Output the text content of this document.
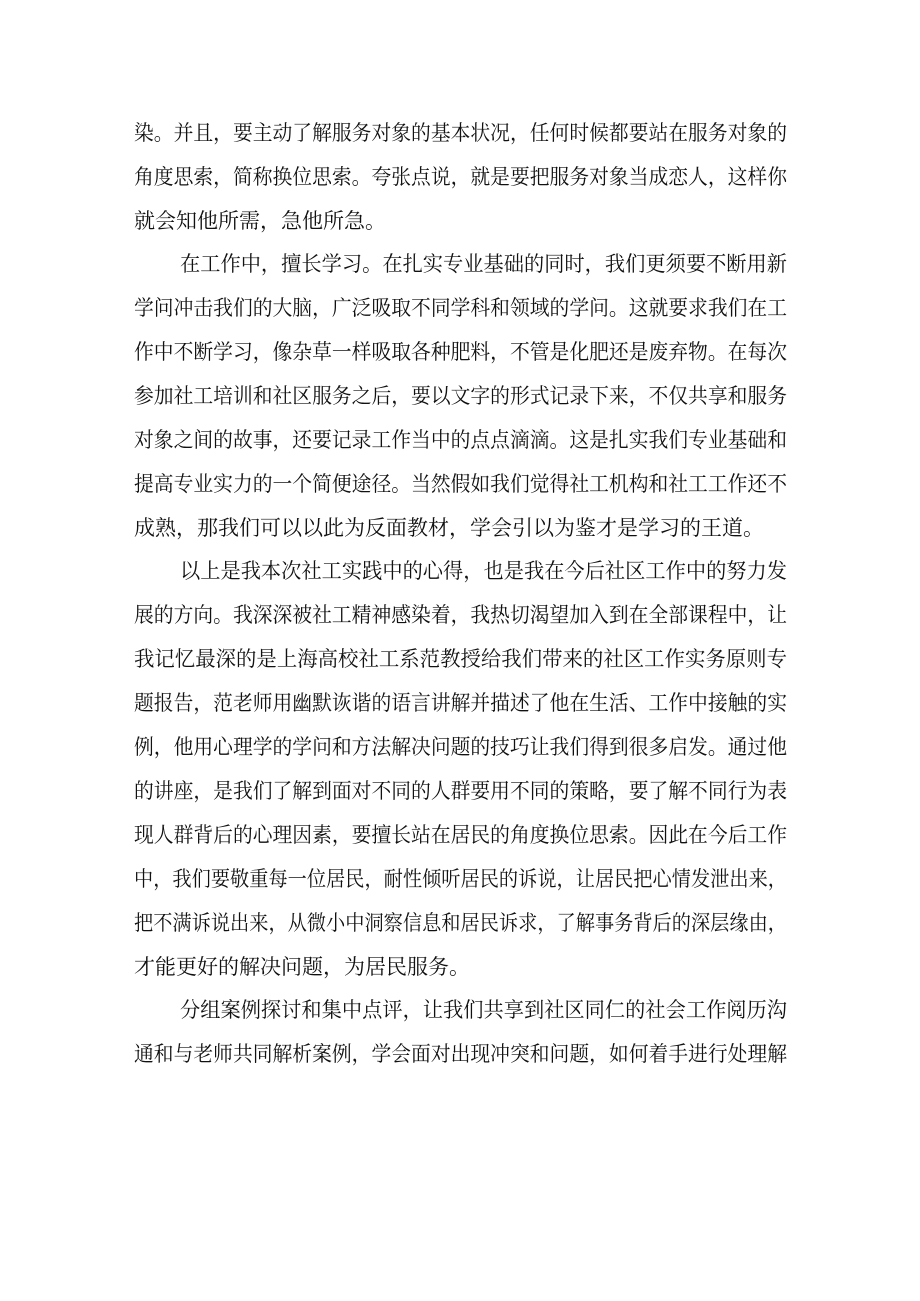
染。并且，要主动了解服务对象的基本状况，任何时候都要站在服务对象的
角度思索，简称换位思索。夸张点说，就是要把服务对象当成恋人，这样你
就会知他所需，急他所急。
在工作中，擅长学习。在扎实专业基础的同时，我们更须要不断用新
学问冲击我们的大脑，广泛吸取不同学科和领域的学问。这就要求我们在工
作中不断学习，像杂草一样吸取各种肥料，不管是化肥还是废弃物。在每次
参加社工培训和社区服务之后，要以文字的形式记录下来，不仅共享和服务
对象之间的故事，还要记录工作当中的点点滴滴。这是扎实我们专业基础和
提高专业实力的一个简便途径。当然假如我们觉得社工机构和社工工作还不
成熟，那我们可以以此为反面教材，学会引以为鉴才是学习的王道。
以上是我本次社工实践中的心得，也是我在今后社区工作中的努力发
展的方向。我深深被社工精神感染着，我热切渴望加入到在全部课程中，让
我记忆最深的是上海高校社工系范教授给我们带来的社区工作实务原则专
题报告，范老师用幽默诙谐的语言讲解并描述了他在生活、工作中接触的实
例，他用心理学的学问和方法解决问题的技巧让我们得到很多启发。通过他
的讲座，是我们了解到面对不同的人群要用不同的策略，要了解不同行为表
现人群背后的心理因素，要擅长站在居民的角度换位思索。因此在今后工作
中，我们要敬重每一位居民，耐性倾听居民的诉说，让居民把心情发泄出来，
把不满诉说出来，从微小中洞察信息和居民诉求，了解事务背后的深层缘由，
才能更好的解决问题，为居民服务。
分组案例探讨和集中点评，让我们共享到社区同仁的社会工作阅历沟
通和与老师共同解析案例，学会面对出现冲突和问题，如何着手进行处理解
